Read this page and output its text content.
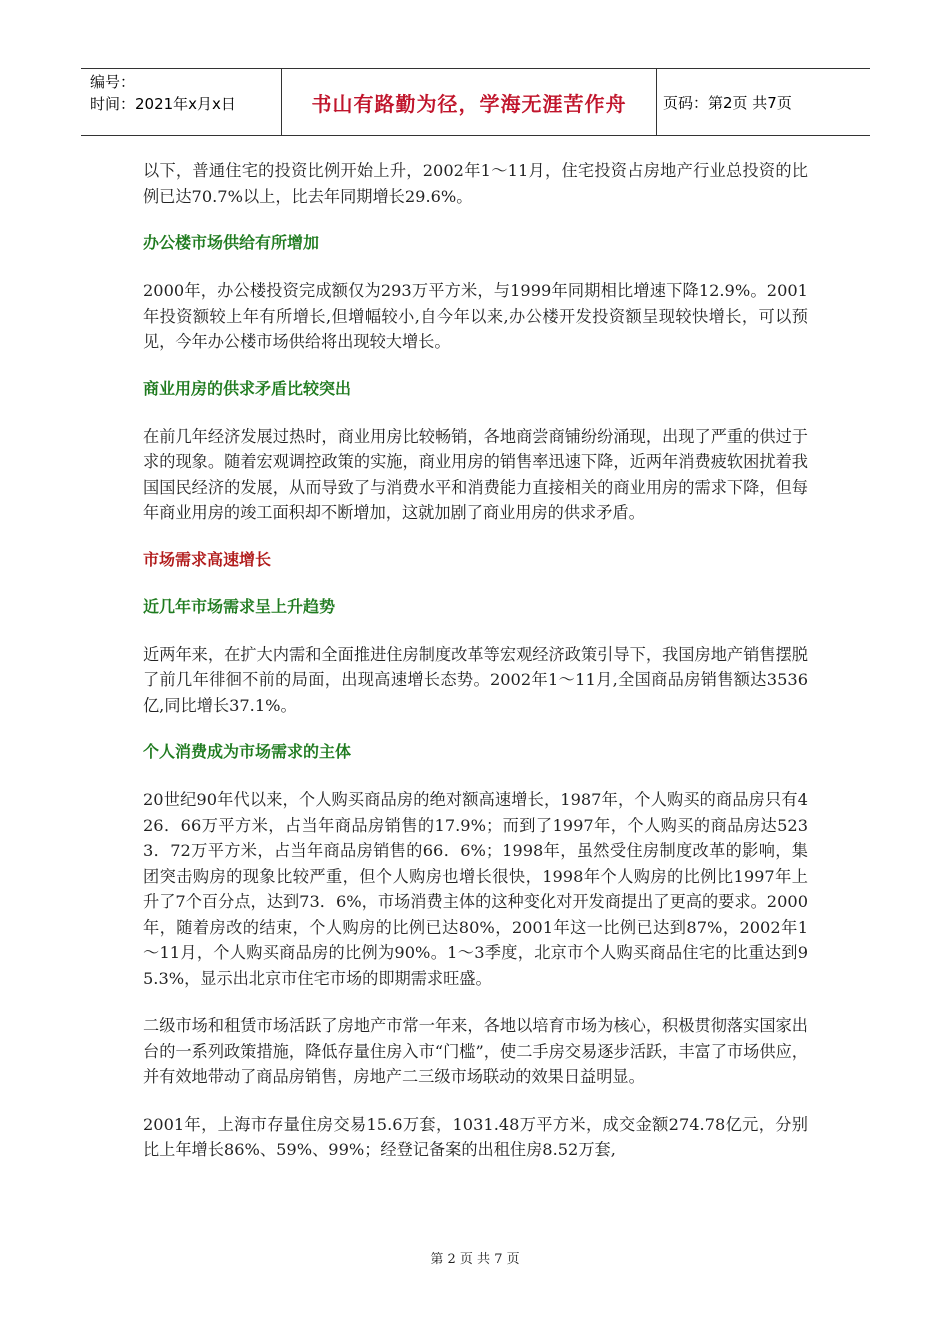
编号：
时间：2021年x月x日	书山有路勤为径，学海无涯苦作舟	页码：第2页 共7页
以下，普通住宅的投资比例开始上升，2002年1～11月，住宅投资占房地产行业总投资的比例已达70.7%以上，比去年同期增长29.6%。
办公楼市场供给有所增加
2000年，办公楼投资完成额仅为293万平方米，与1999年同期相比增速下降12.9%。2001年投资额较上年有所增长,但增幅较小,自今年以来,办公楼开发投资额呈现较快增长，可以预见，今年办公楼市场供给将出现较大增长。
商业用房的供求矛盾比较突出
在前几年经济发展过热时，商业用房比较畅销，各地商尝商铺纷纷涌现，出现了严重的供过于求的现象。随着宏观调控政策的实施，商业用房的销售率迅速下降，近两年消费疲软困扰着我国国民经济的发展，从而导致了与消费水平和消费能力直接相关的商业用房的需求下降，但每年商业用房的竣工面积却不断增加，这就加剧了商业用房的供求矛盾。
市场需求高速增长
近几年市场需求呈上升趋势
近两年来，在扩大内需和全面推进住房制度改革等宏观经济政策引导下，我国房地产销售摆脱了前几年徘徊不前的局面，出现高速增长态势。2002年1～11月,全国商品房销售额达3536亿,同比增长37.1%。
个人消费成为市场需求的主体
20世纪90年代以来，个人购买商品房的绝对额高速增长，1987年，个人购买的商品房只有426．66万平方米，占当年商品房销售的17.9%；而到了1997年，个人购买的商品房达5233．72万平方米，占当年商品房销售的66．6%；1998年，虽然受住房制度改革的影响，集团突击购房的现象比较严重，但个人购房也增长很快，1998年个人购房的比例比1997年上升了7个百分点，达到73．6%，市场消费主体的这种变化对开发商提出了更高的要求。2000年，随着房改的结束，个人购房的比例已达80%，2001年这一比例已达到87%，2002年1～11月，个人购买商品房的比例为90%。1～3季度，北京市个人购买商品住宅的比重达到95.3%，显示出北京市住宅市场的即期需求旺盛。
二级市场和租赁市场活跃了房地产市常一年来，各地以培育市场为核心，积极贯彻落实国家出台的一系列政策措施，降低存量住房入市“门槛”，使二手房交易逐步活跃，丰富了市场供应，并有效地带动了商品房销售，房地产二三级市场联动的效果日益明显。
2001年，上海市存量住房交易15.6万套，1031.48万平方米，成交金额274.78亿元，分别比上年增长86%、59%、99%；经登记备案的出租住房8.52万套,
第 2 页 共 7 页
